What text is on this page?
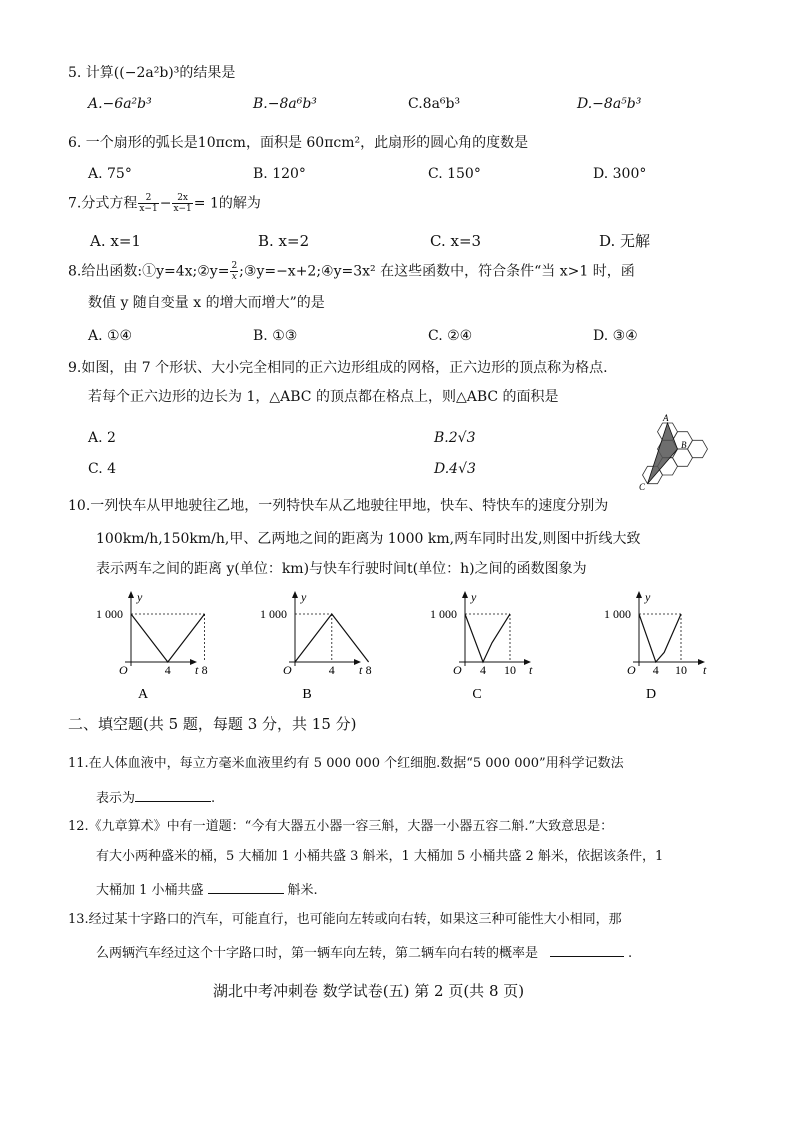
5. 计算((−2a²b)³的结果是
A.−6a²b³	B.−8a⁶b³	C.8a⁶b³	D.−8a⁵b³
6. 一个扇形的弧长是10πcm，面积是 60πcm²，此扇形的圆心角的度数是
A. 75°	B. 120°	C. 150°	D. 300°
7.分式方程 $\frac{2}{x-1} - \frac{2x}{x-1} = 1$的解为
A. x=1	B. x=2	C. x=3	D. 无解
8.给出函数:①y=4x;②y= $\frac{2}{x}$ ;③y=−x+2;④y=3x² 在这些函数中，符合条件“当 x>1 时，函
数值 y 随自变量 x 的增大而增大”的是
A. ①④	B. ①③	C. ②④	D. ③④
9.如图，由 7 个形状、大小完全相同的正六边形组成的网格，正六边形的顶点称为格点.
若每个正六边形的边长为 1，△ABC 的顶点都在格点上，则△ABC 的面积是
A. 2	B.2√3
C. 4	D.4√3
A
B
C
10.一列快车从甲地驶往乙地，一列特快车从乙地驶往甲地，快车、特快车的速度分别为
100km/h,150km/h,甲、乙两地之间的距离为 1000 km,两车同时出发,则图中折线大致
表示两车之间的距离 y(单位：km)与快车行驶时间t(单位：h)之间的函数图象为
y
t
O
1 000
4	8
A
y
t
O
1 000
4	8
B
y
t
O
1 000
4 10
C
y
t
O
1 000
4 10
D
二、填空题(共 5 题，每题 3 分，共 15 分)
11.在人体血液中，每立方毫米血液里约有 5 000 000 个红细胞.数据“5 000 000”用科学记数法
表示为	.
12.《九章算术》中有一道题：“今有大器五小器一容三斛，大器一小器五容二斛.”大致意思是：
有大小两种盛米的桶，5 大桶加 1 小桶共盛 3 斛米，1 大桶加 5 小桶共盛 2 斛米，依据该条件，1
大桶加 1 小桶共盛	斛米.
13.经过某十字路口的汽车，可能直行，也可能向左转或向右转，如果这三种可能性大小相同，那
么两辆汽车经过这个十字路口时，第一辆车向左转，第二辆车向右转的概率是	.
湖北中考冲刺卷 数学试卷(五) 第 2 页(共 8 页)
